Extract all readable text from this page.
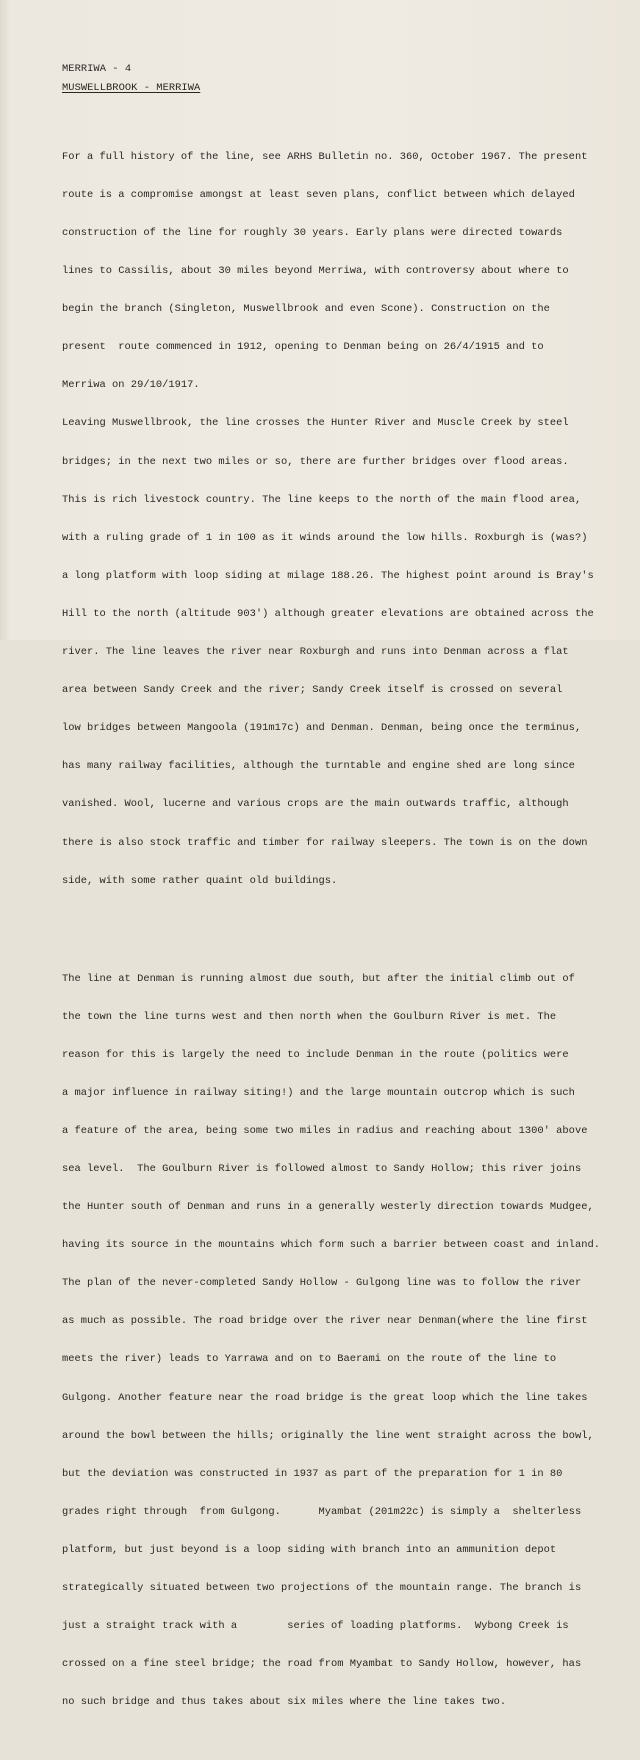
MERRIWA - 4
MUSWELLBROOK - MERRIWA

For a full history of the line, see ARHS Bulletin no. 360, October 1967. The present

route is a compromise amongst at least seven plans, conflict between which delayed

construction of the line for roughly 30 years. Early plans were directed towards

lines to Cassilis, about 30 miles beyond Merriwa, with controversy about where to

begin the branch (Singleton, Muswellbrook and even Scone). Construction on the

present  route commenced in 1912, opening to Denman being on 26/4/1915 and to

Merriwa on 29/10/1917.

Leaving Muswellbrook, the line crosses the Hunter River and Muscle Creek by steel

bridges; in the next two miles or so, there are further bridges over flood areas.

This is rich livestock country. The line keeps to the north of the main flood area,

with a ruling grade of 1 in 100 as it winds around the low hills. Roxburgh is (was?)

a long platform with loop siding at milage 188.26. The highest point around is Bray's

Hill to the north (altitude 903') although greater elevations are obtained across the

river. The line leaves the river near Roxburgh and runs into Denman across a flat

area between Sandy Creek and the river; Sandy Creek itself is crossed on several

low bridges between Mangoola (191m17c) and Denman. Denman, being once the terminus,

has many railway facilities, although the turntable and engine shed are long since

vanished. Wool, lucerne and various crops are the main outwards traffic, although

there is also stock traffic and timber for railway sleepers. The town is on the down

side, with some rather quaint old buildings.

The line at Denman is running almost due south, but after the initial climb out of

the town the line turns west and then north when the Goulburn River is met. The

reason for this is largely the need to include Denman in the route (politics were

a major influence in railway siting!) and the large mountain outcrop which is such

a feature of the area, being some two miles in radius and reaching about 1300' above

sea level.  The Goulburn River is followed almost to Sandy Hollow; this river joins

the Hunter south of Denman and runs in a generally westerly direction towards Mudgee,

having its source in the mountains which form such a barrier between coast and inland.

The plan of the never-completed Sandy Hollow - Gulgong line was to follow the river

as much as possible. The road bridge over the river near Denman(where the line first

meets the river) leads to Yarrawa and on to Baerami on the route of the line to

Gulgong. Another feature near the road bridge is the great loop which the line takes

around the bowl between the hills; originally the line went straight across the bowl,

but the deviation was constructed in 1937 as part of the preparation for 1 in 80

grades right through  from Gulgong.      Myambat (201m22c) is simply a  shelterless

platform, but just beyond is a loop siding with branch into an ammunition depot

strategically situated between two projections of the mountain range. The branch is

just a straight track with a        series of loading platforms.  Wybong Creek is

crossed on a fine steel bridge; the road from Myambat to Sandy Hollow, however, has

no such bridge and thus takes about six miles where the line takes two.
